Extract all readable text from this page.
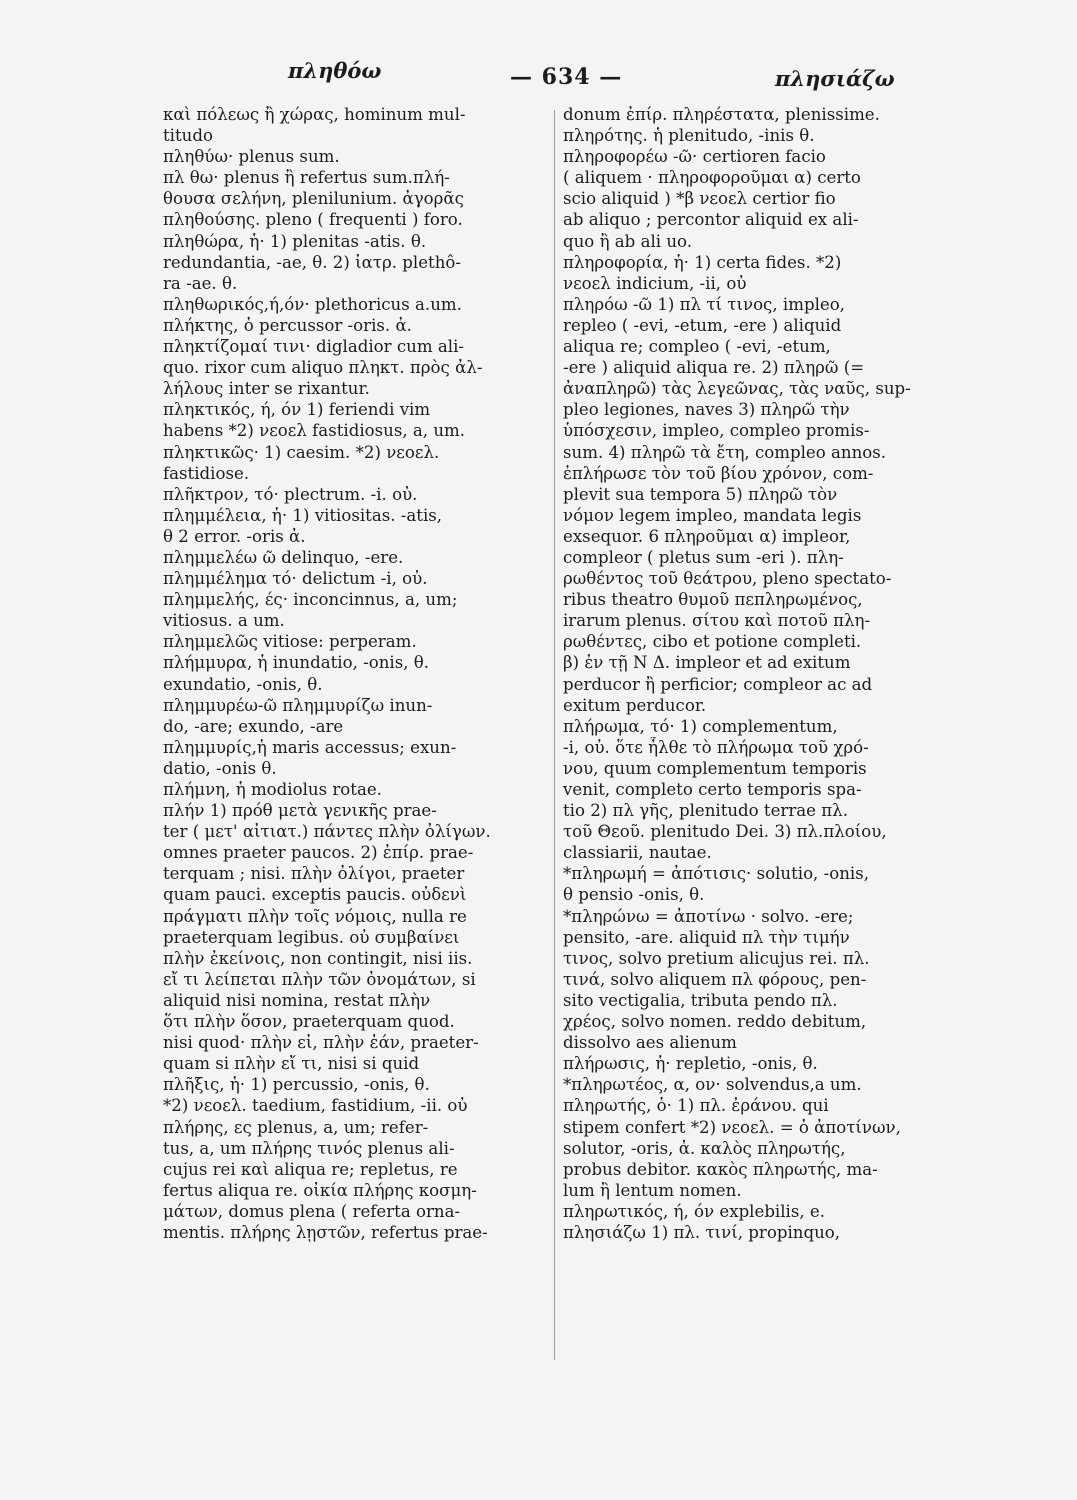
πληθόω	— 634 —	πλησιάζω

καὶ πόλεως ἢ χώρας, hominum mul-

titudo

πληθύω· plenus sum.

πλ θω· plenus ἢ refertus sum.πλή-

θουσα σελήνη, plenilunium. ἀγορᾶς

πληθούσης. pleno ( frequenti ) foro.

πληθώρα, ἡ· 1) plenitas -atis. θ.

redundantia, -ae, θ. 2) ἰατρ. plethô-

ra -ae. θ.

πληθωρικός,ή,όν· plethoricus a.um.

πλήκτης, ὁ percussor -oris. ἀ.

πληκτίζομαί τινι· digladior cum ali-

quo. rixor cum aliquo πληκτ. πρὸς ἀλ-

λήλους inter se rixantur.

πληκτικός, ή, όν 1) feriendi vim

habens *2) νεοελ fastidiosus, a, um.

πληκτικῶς· 1) caesim. *2) νεοελ.

fastidiose.

πλῆκτρον, τό· plectrum. -i. οὐ.

πλημμέλεια, ἡ· 1) vitiositas. -atis,

θ 2 error. -oris ἀ.

πλημμελέω ῶ delinquo, -ere.

πλημμέλημα τό· delictum -i, οὐ.

πλημμελής, ές· inconcinnus, a, um;

vitiosus. a um.

πλημμελῶς vitiose: perperam.

πλήμμυρα, ἡ inundatio, -onis, θ.

exundatio, -onis, θ.

πλημμυρέω-ῶ πλημμυρίζω inun-

do, -are; exundo, -are

πλημμυρίς,ἡ maris accessus; exun-

datio, -onis θ.

πλήμνη, ἡ modiolus rotae.

πλήν 1) πρόθ μετὰ γενικῆς prae-

ter ( μετ' αἰτιατ.) πάντες πλὴν ὀλίγων.

omnes praeter paucos. 2) ἐπίρ. prae-

terquam ; nisi. πλὴν ὀλίγοι, praeter

quam pauci. exceptis paucis. οὐδενὶ

πράγματι πλὴν τοῖς νόμοις, nulla re

praeterquam legibus. οὐ συμβαίνει

πλὴν ἐκείνοις, non contingit, nisi iis.

εἴ τι λείπεται πλὴν τῶν ὀνομάτων, si

aliquid nisi nomina, restat πλὴν

ὅτι πλὴν ὅσον, praeterquam quod.

nisi quod· πλὴν εἰ, πλὴν ἐάν, praeter-

quam si πλὴν εἴ τι, nisi si quid

πλῆξις, ἡ· 1) percussio, -onis, θ.

*2) νεοελ. taedium, fastidium, -ii. οὐ

πλήρης, ες plenus, a, um; refer-

tus, a, um πλήρης τινός plenus ali-

cujus rei καὶ aliqua re; repletus, re

fertus aliqua re. οἰκία πλήρης κοσμη-

μάτων, domus plena ( referta orna-

mentis. πλήρης λῃστῶν, refertus prae-

donum ἐπίρ. πληρέστατα, plenissime.

πληρότης. ἡ plenitudo, -inis θ.

πληροφορέω -ῶ· certioren facio

( aliquem · πληροφοροῦμαι α) certo

scio aliquid ) *β νεοελ certior fio

ab aliquo ; percontor aliquid ex ali-

quo ἢ ab ali uo.

πληροφορία, ἡ· 1) certa fides. *2)

νεοελ indicium, -ii, οὐ

πληρόω -ῶ 1) πλ τί τινος, impleo,

repleo ( -evi, -etum, -ere ) aliquid

aliqua re; compleo ( -evi, -etum,

-ere ) aliquid aliqua re. 2) πληρῶ (=

ἀναπληρῶ) τὰς λεγεῶνας, τὰς ναῦς, sup-

pleo legiones, naves 3) πληρῶ τὴν

ὑπόσχεσιν, impleo, compleo promis-

sum. 4) πληρῶ τὰ ἔτη, compleo annos.

ἐπλήρωσε τὸν τοῦ βίου χρόνον, com-

plevit sua tempora 5) πληρῶ τὸν

νόμον legem impleo, mandata legis

exsequor. 6 πληροῦμαι α) impleor,

compleor ( pletus sum -eri ). πλη-

ρωθέντος τοῦ θεάτρου, pleno spectato-

ribus theatro θυμοῦ πεπληρωμένος,

irarum plenus. σίτου καὶ ποτοῦ πλη-

ρωθέντες, cibo et potione completi.

β) ἐν τῇ Ν Δ. impleor et ad exitum

perducor ἢ perficior; compleor ac ad

exitum perducor.

πλήρωμα, τό· 1) complementum,

-i, οὐ. ὅτε ἦλθε τὸ πλήρωμα τοῦ χρό-

νου, quum complementum temporis

venit, completo certo temporis spa-

tio 2) πλ γῆς, plenitudo terrae πλ.

τοῦ Θεοῦ. plenitudo Dei. 3) πλ.πλοίου,

classiarii, nautae.

*πληρωμή = ἀπότισις· solutio, -onis,

θ pensio -onis, θ.

*πληρώνω = ἀποτίνω · solvo. -ere;

pensito, -are. aliquid πλ τὴν τιμήν

τινος, solvo pretium alicujus rei. πλ.

τινά, solvo aliquem πλ φόρους, pen-

sito vectigalia, tributa pendo πλ.

χρέος, solvo nomen. reddo debitum,

dissolvo aes alienum

πλήρωσις, ἡ· repletio, -onis, θ.

*πληρωτέος, α, ον· solvendus,a um.

πληρωτής, ὁ· 1) πλ. ἐράνου. qui

stipem confert *2) νεοελ. = ὁ ἀποτίνων,

solutor, -oris, ἀ. καλὸς πληρωτής,

probus debitor. κακὸς πληρωτής, ma-

lum ἢ lentum nomen.

πληρωτικός, ή, όν explebilis, e.

πλησιάζω 1) πλ. τινί, propinquo,
